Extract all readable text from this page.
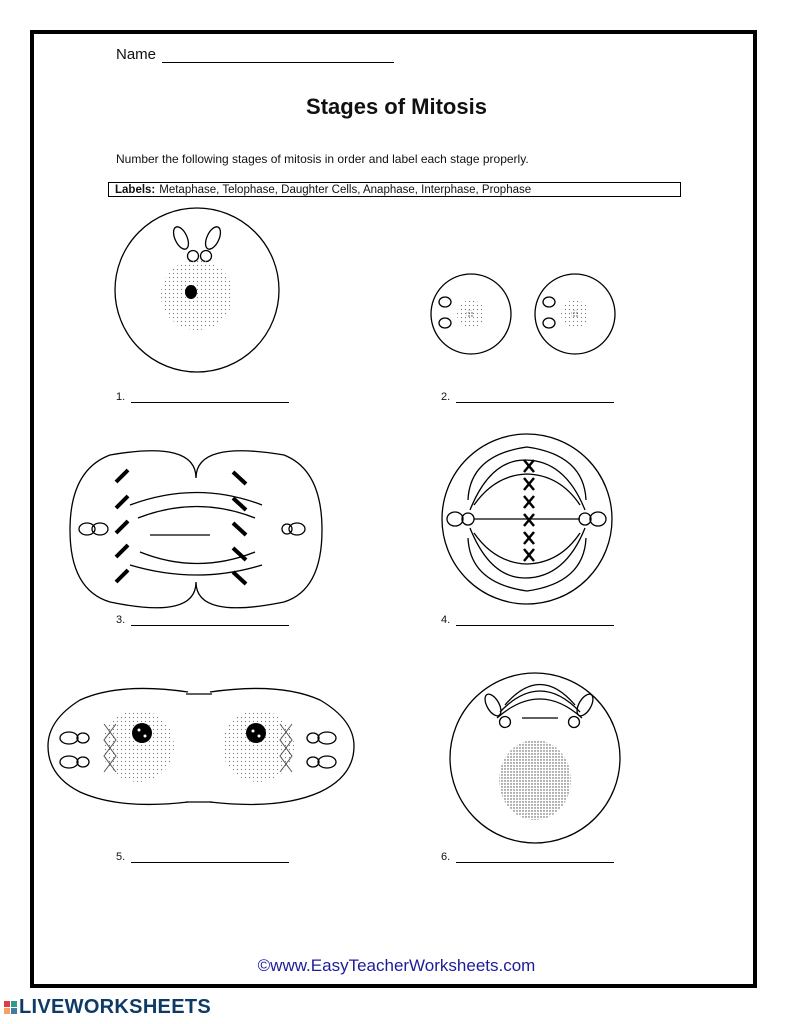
Name
Stages of Mitosis
Number the following stages of mitosis in order and label each stage properly.
Labels: Metaphase, Telophase, Daughter Cells, Anaphase, Interphase, Prophase
1.	2.
3.	4.
5.	6.
©www.EasyTeacherWorksheets.com
LIVEWORKSHEETS
